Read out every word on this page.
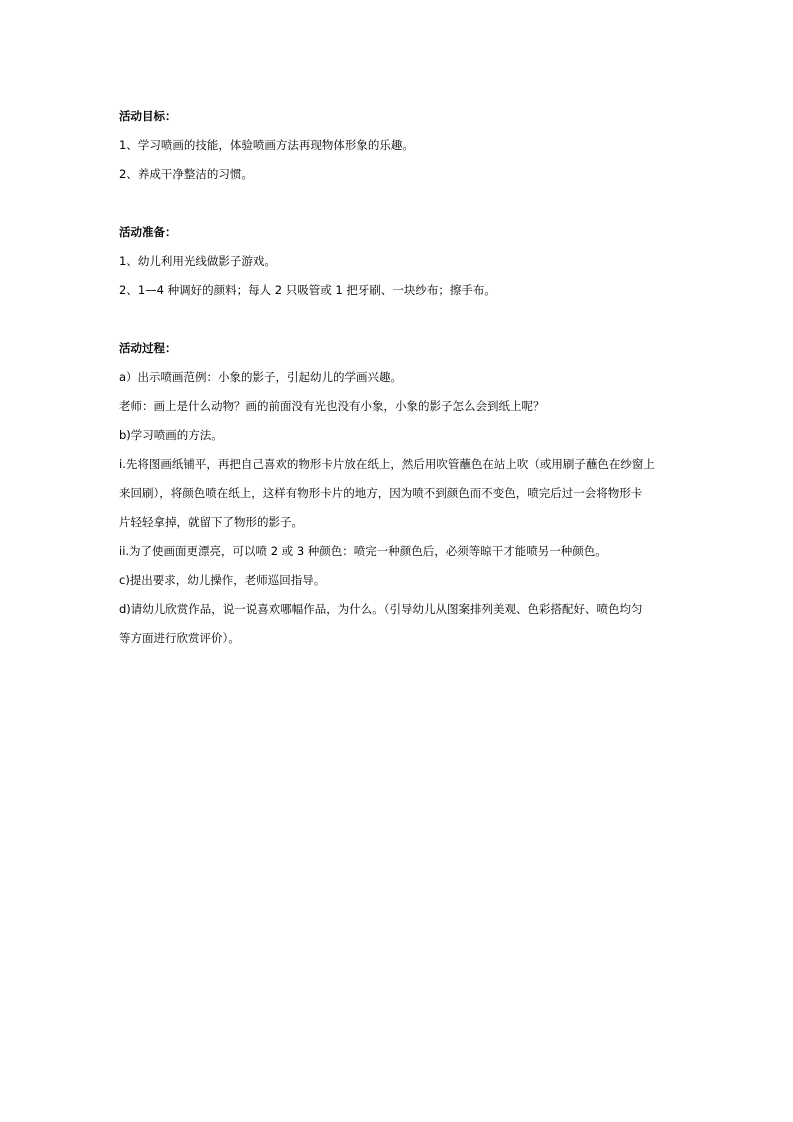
活动目标：
1、学习喷画的技能，体验喷画方法再现物体形象的乐趣。
2、养成干净整洁的习惯。
活动准备：
1、幼儿利用光线做影子游戏。
2、1—4 种调好的颜料；每人 2 只吸管或 1 把牙刷、一块纱布；擦手布。
活动过程：
a）出示喷画范例：小象的影子，引起幼儿的学画兴趣。
老师：画上是什么动物？画的前面没有光也没有小象，小象的影子怎么会到纸上呢？
b)学习喷画的方法。
i.先将图画纸铺平，再把自己喜欢的物形卡片放在纸上，然后用吹管蘸色在站上吹（或用刷子蘸色在纱窗上
来回刷），将颜色喷在纸上，这样有物形卡片的地方，因为喷不到颜色而不变色，喷完后过一会将物形卡
片轻轻拿掉，就留下了物形的影子。
ii.为了使画面更漂亮，可以喷 2 或 3 种颜色：喷完一种颜色后，必须等晾干才能喷另一种颜色。
c)提出要求，幼儿操作，老师巡回指导。
d)请幼儿欣赏作品，说一说喜欢哪幅作品，为什么。（引导幼儿从图案排列美观、色彩搭配好、喷色均匀
等方面进行欣赏评价）。
